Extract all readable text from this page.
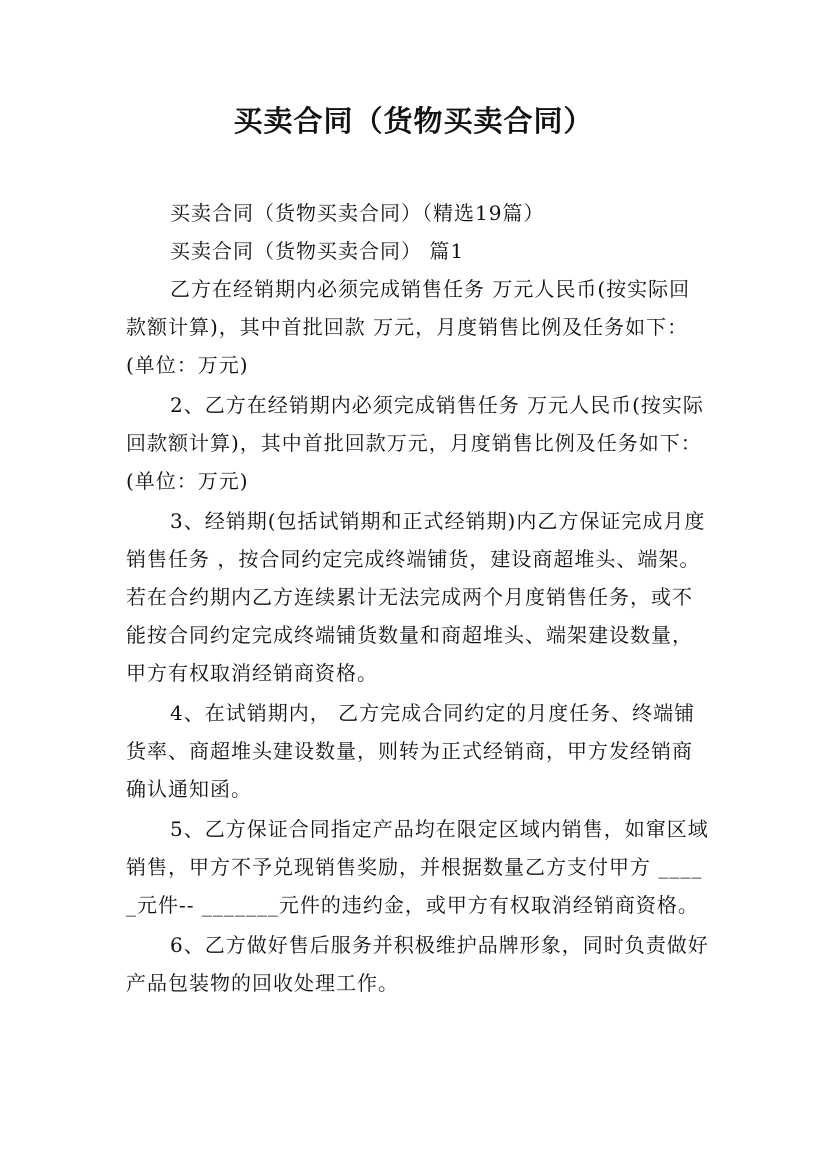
买卖合同（货物买卖合同）

买卖合同（货物买卖合同）（精选19篇）

买卖合同（货物买卖合同） 篇1

乙方在经销期内必须完成销售任务 万元人民币(按实际回款额计算)，其中首批回款 万元，月度销售比例及任务如下： (单位：万元)

2、乙方在经销期内必须完成销售任务 万元人民币(按实际回款额计算)，其中首批回款万元，月度销售比例及任务如下：(单位：万元)

3、经销期(包括试销期和正式经销期)内乙方保证完成月度销售任务 ，按合同约定完成终端铺货，建设商超堆头、端架。若在合约期内乙方连续累计无法完成两个月度销售任务，或不能按合同约定完成终端铺货数量和商超堆头、端架建设数量，甲方有权取消经销商资格。

4、在试销期内， 乙方完成合同约定的月度任务、终端铺货率、商超堆头建设数量，则转为正式经销商，甲方发经销商确认通知函。

5、乙方保证合同指定产品均在限定区域内销售，如窜区域销售，甲方不予兑现销售奖励，并根据数量乙方支付甲方 _____元件-- _______元件的违约金，或甲方有权取消经销商资格。

6、乙方做好售后服务并积极维护品牌形象，同时负责做好产品包装物的回收处理工作。
